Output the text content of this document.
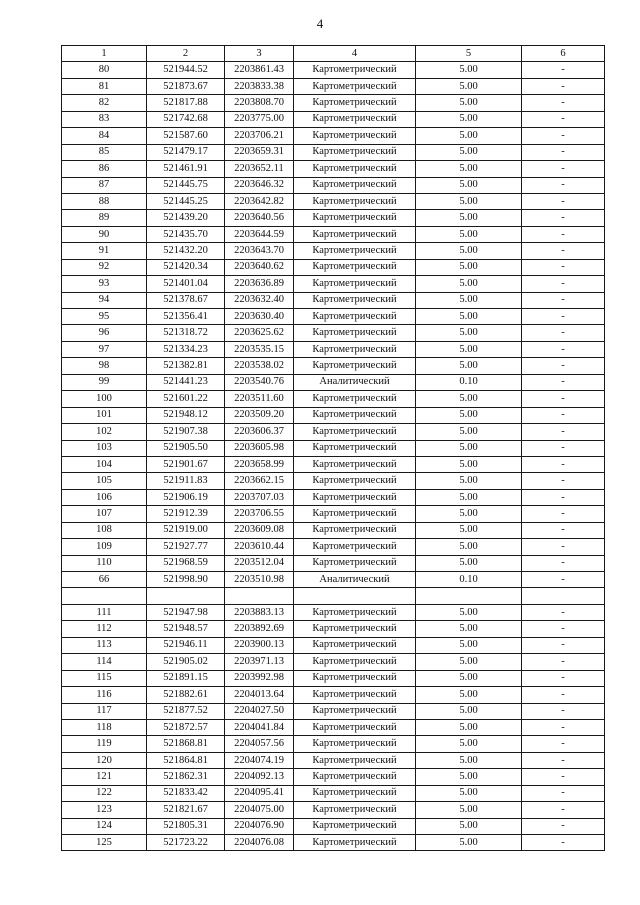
4
1	2	3	4	5	6
80	521944.52	2203861.43	Картометрический	5.00	-
81	521873.67	2203833.38	Картометрический	5.00	-
82	521817.88	2203808.70	Картометрический	5.00	-
83	521742.68	2203775.00	Картометрический	5.00	-
84	521587.60	2203706.21	Картометрический	5.00	-
85	521479.17	2203659.31	Картометрический	5.00	-
86	521461.91	2203652.11	Картометрический	5.00	-
87	521445.75	2203646.32	Картометрический	5.00	-
88	521445.25	2203642.82	Картометрический	5.00	-
89	521439.20	2203640.56	Картометрический	5.00	-
90	521435.70	2203644.59	Картометрический	5.00	-
91	521432.20	2203643.70	Картометрический	5.00	-
92	521420.34	2203640.62	Картометрический	5.00	-
93	521401.04	2203636.89	Картометрический	5.00	-
94	521378.67	2203632.40	Картометрический	5.00	-
95	521356.41	2203630.40	Картометрический	5.00	-
96	521318.72	2203625.62	Картометрический	5.00	-
97	521334.23	2203535.15	Картометрический	5.00	-
98	521382.81	2203538.02	Картометрический	5.00	-
99	521441.23	2203540.76	Аналитический	0.10	-
100	521601.22	2203511.60	Картометрический	5.00	-
101	521948.12	2203509.20	Картометрический	5.00	-
102	521907.38	2203606.37	Картометрический	5.00	-
103	521905.50	2203605.98	Картометрический	5.00	-
104	521901.67	2203658.99	Картометрический	5.00	-
105	521911.83	2203662.15	Картометрический	5.00	-
106	521906.19	2203707.03	Картометрический	5.00	-
107	521912.39	2203706.55	Картометрический	5.00	-
108	521919.00	2203609.08	Картометрический	5.00	-
109	521927.77	2203610.44	Картометрический	5.00	-
110	521968.59	2203512.04	Картометрический	5.00	-
66	521998.90	2203510.98	Аналитический	0.10	-

111	521947.98	2203883.13	Картометрический	5.00	-
112	521948.57	2203892.69	Картометрический	5.00	-
113	521946.11	2203900.13	Картометрический	5.00	-
114	521905.02	2203971.13	Картометрический	5.00	-
115	521891.15	2203992.98	Картометрический	5.00	-
116	521882.61	2204013.64	Картометрический	5.00	-
117	521877.52	2204027.50	Картометрический	5.00	-
118	521872.57	2204041.84	Картометрический	5.00	-
119	521868.81	2204057.56	Картометрический	5.00	-
120	521864.81	2204074.19	Картометрический	5.00	-
121	521862.31	2204092.13	Картометрический	5.00	-
122	521833.42	2204095.41	Картометрический	5.00	-
123	521821.67	2204075.00	Картометрический	5.00	-
124	521805.31	2204076.90	Картометрический	5.00	-
125	521723.22	2204076.08	Картометрический	5.00	-
